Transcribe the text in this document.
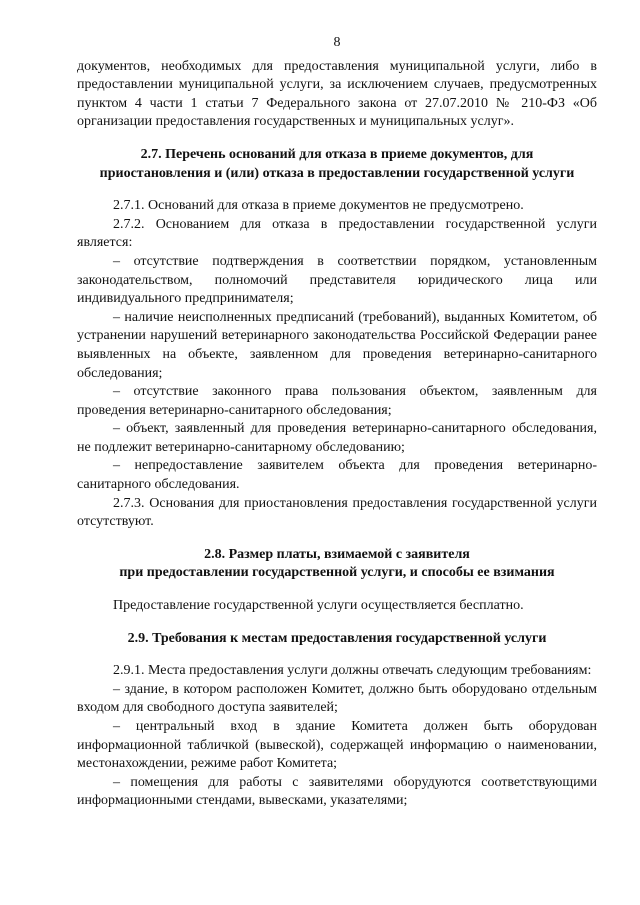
8

документов, необходимых для предоставления муниципальной услуги, либо в предоставлении муниципальной услуги, за исключением случаев, предусмотренных пунктом 4 части 1 статьи 7 Федерального закона от 27.07.2010 № 210-ФЗ «Об организации предоставления государственных и муниципальных услуг».

2.7. Перечень оснований для отказа в приеме документов, для
приостановления и (или) отказа в предоставлении государственной услуги

2.7.1. Оснований для отказа в приеме документов не предусмотрено.

2.7.2. Основанием для отказа в предоставлении государственной услуги является:

– отсутствие подтверждения в соответствии порядком, установленным законодательством, полномочий представителя юридического лица или индивидуального предпринимателя;

– наличие неисполненных предписаний (требований), выданных Комитетом, об устранении нарушений ветеринарного законодательства Российской Федерации ранее выявленных на объекте, заявленном для проведения ветеринарно-санитарного обследования;

– отсутствие законного права пользования объектом, заявленным для проведения ветеринарно-санитарного обследования;

– объект, заявленный для проведения ветеринарно-санитарного обследования, не подлежит ветеринарно-санитарному обследованию;

– непредоставление заявителем объекта для проведения ветеринарно-санитарного обследования.

2.7.3. Основания для приостановления предоставления государственной услуги отсутствуют.

2.8. Размер платы, взимаемой с заявителя
при предоставлении государственной услуги, и способы ее взимания

Предоставление государственной услуги осуществляется бесплатно.

2.9. Требования к местам предоставления государственной услуги

2.9.1. Места предоставления услуги должны отвечать следующим требованиям:

– здание, в котором расположен Комитет, должно быть оборудовано отдельным входом для свободного доступа заявителей;

– центральный вход в здание Комитета должен быть оборудован информационной табличкой (вывеской), содержащей информацию о наименовании, местонахождении, режиме работ Комитета;

– помещения для работы с заявителями оборудуются соответствующими информационными стендами, вывесками, указателями;
